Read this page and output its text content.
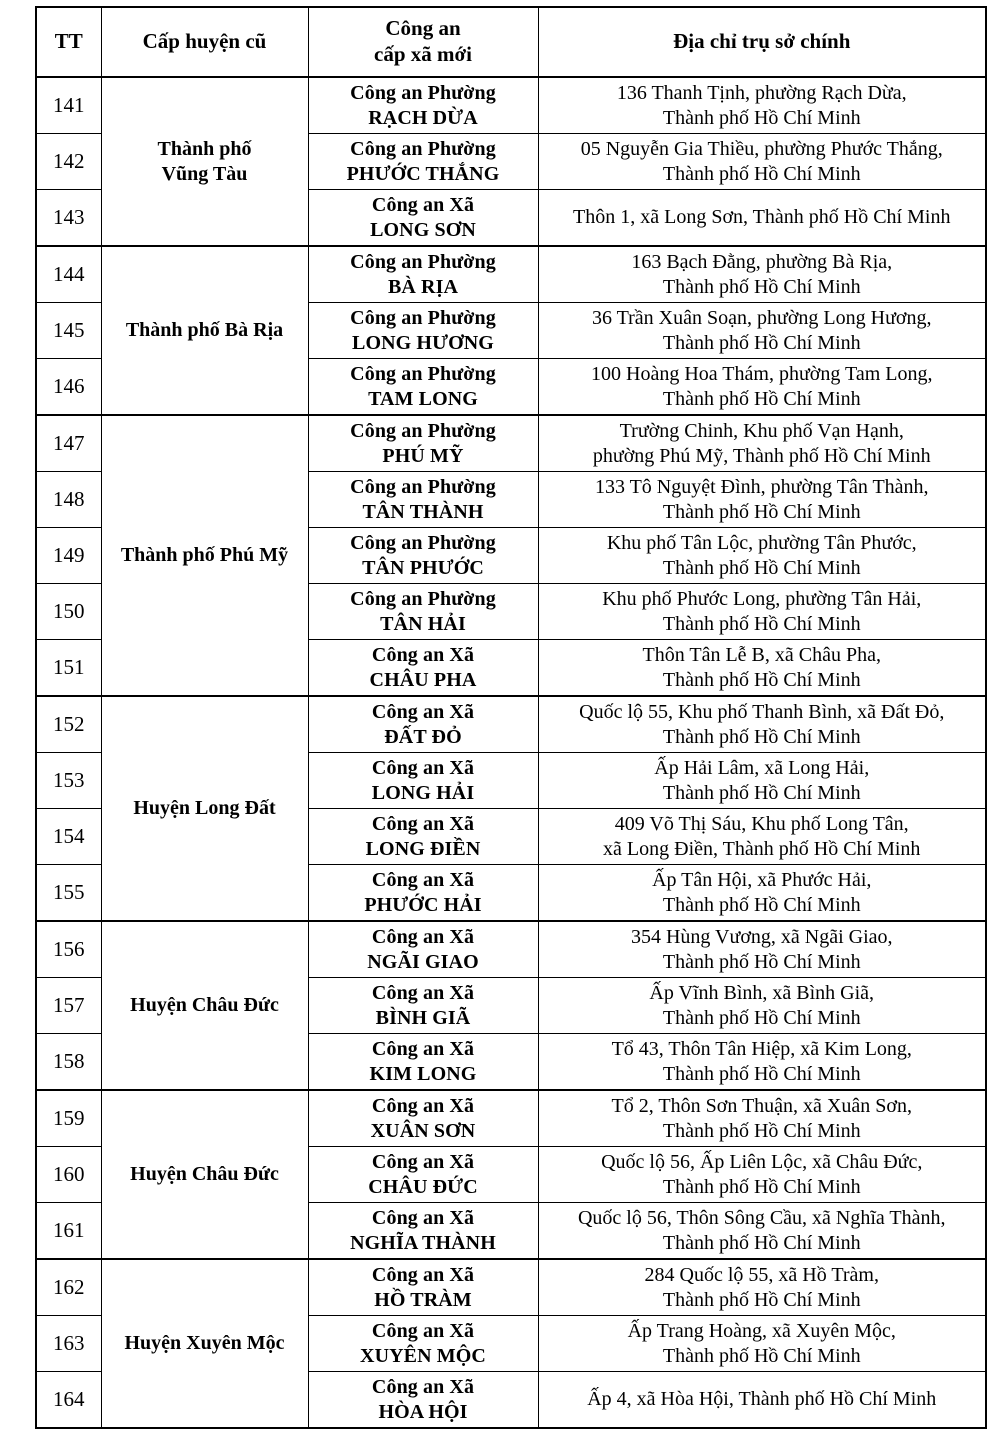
TT	Cấp huyện cũ	Công an
cấp xã mới	Địa chỉ trụ sở chính

141	Thành phố
Vũng Tàu	Công an Phường
RẠCH DỪA	136 Thanh Tịnh, phường Rạch Dừa,
Thành phố Hồ Chí Minh

142		Công an Phường
PHƯỚC THẮNG	05 Nguyễn Gia Thiều, phường Phước Thắng,
Thành phố Hồ Chí Minh

143		Công an Xã
LONG SƠN	Thôn 1, xã Long Sơn, Thành phố Hồ Chí Minh

144	Thành phố Bà Rịa	Công an Phường
BÀ RỊA	163 Bạch Đằng, phường Bà Rịa,
Thành phố Hồ Chí Minh

145		Công an Phường
LONG HƯƠNG	36 Trần Xuân Soạn, phường Long Hương,
Thành phố Hồ Chí Minh

146		Công an Phường
TAM LONG	100 Hoàng Hoa Thám, phường Tam Long,
Thành phố Hồ Chí Minh

147	Thành phố Phú Mỹ	Công an Phường
PHÚ MỸ	Trường Chinh, Khu phố Vạn Hạnh,
phường Phú Mỹ, Thành phố Hồ Chí Minh

148		Công an Phường
TÂN THÀNH	133 Tô Nguyệt Đình, phường Tân Thành,
Thành phố Hồ Chí Minh

149		Công an Phường
TÂN PHƯỚC	Khu phố Tân Lộc, phường Tân Phước,
Thành phố Hồ Chí Minh

150		Công an Phường
TÂN HẢI	Khu phố Phước Long, phường Tân Hải,
Thành phố Hồ Chí Minh

151		Công an Xã
CHÂU PHA	Thôn Tân Lễ B, xã Châu Pha,
Thành phố Hồ Chí Minh

152	Huyện Long Đất	Công an Xã
ĐẤT ĐỎ	Quốc lộ 55, Khu phố Thanh Bình, xã Đất Đỏ,
Thành phố Hồ Chí Minh

153		Công an Xã
LONG HẢI	Ấp Hải Lâm, xã Long Hải,
Thành phố Hồ Chí Minh

154		Công an Xã
LONG ĐIỀN	409 Võ Thị Sáu, Khu phố Long Tân,
xã Long Điền, Thành phố Hồ Chí Minh

155		Công an Xã
PHƯỚC HẢI	Ấp Tân Hội, xã Phước Hải,
Thành phố Hồ Chí Minh

156	Huyện Châu Đức	Công an Xã
NGÃI GIAO	354 Hùng Vương, xã Ngãi Giao,
Thành phố Hồ Chí Minh

157		Công an Xã
BÌNH GIÃ	Ấp Vĩnh Bình, xã Bình Giã,
Thành phố Hồ Chí Minh

158		Công an Xã
KIM LONG	Tổ 43, Thôn Tân Hiệp, xã Kim Long,
Thành phố Hồ Chí Minh

159	Huyện Châu Đức	Công an Xã
XUÂN SƠN	Tổ 2, Thôn Sơn Thuận, xã Xuân Sơn,
Thành phố Hồ Chí Minh

160		Công an Xã
CHÂU ĐỨC	Quốc lộ 56, Ấp Liên Lộc, xã Châu Đức,
Thành phố Hồ Chí Minh

161		Công an Xã
NGHĨA THÀNH	Quốc lộ 56, Thôn Sông Cầu, xã Nghĩa Thành,
Thành phố Hồ Chí Minh

162	Huyện Xuyên Mộc	Công an Xã
HỒ TRÀM	284 Quốc lộ 55, xã Hồ Tràm,
Thành phố Hồ Chí Minh

163		Công an Xã
XUYÊN MỘC	Ấp Trang Hoàng, xã Xuyên Mộc,
Thành phố Hồ Chí Minh

164		Công an Xã
HÒA HỘI	Ấp 4, xã Hòa Hội, Thành phố Hồ Chí Minh
